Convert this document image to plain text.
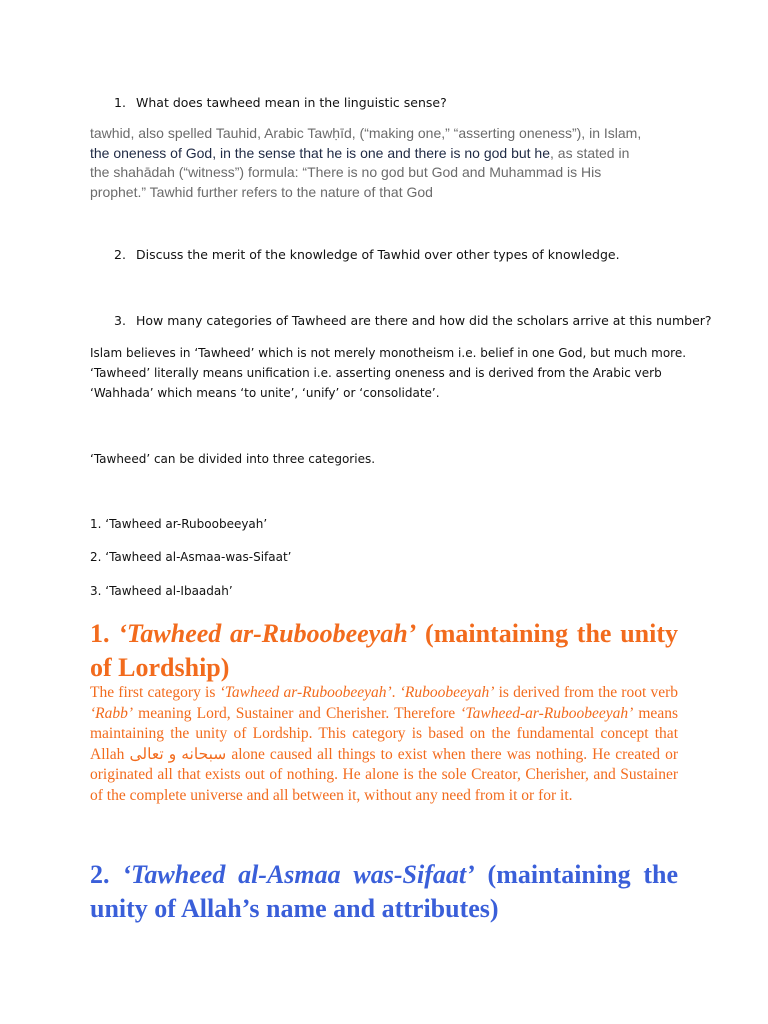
1. What does tawheed mean in the linguistic sense?
tawhid, also spelled Tauhid, Arabic Tawḥīd, (“making one,” “asserting oneness”), in Islam, the oneness of God, in the sense that he is one and there is no god but he, as stated in the shahādah (“witness”) formula: “There is no god but God and Muhammad is His prophet.” Tawhid further refers to the nature of that God
2. Discuss the merit of the knowledge of Tawhid over other types of knowledge.
3. How many categories of Tawheed are there and how did the scholars arrive at this number?
Islam believes in ‘Tawheed’ which is not merely monotheism i.e. belief in one God, but much more.
‘Tawheed’ literally means unification i.e. asserting oneness and is derived from the Arabic verb
‘Wahhada’ which means ‘to unite’, ‘unify’ or ‘consolidate’.
‘Tawheed’ can be divided into three categories.
1. ‘Tawheed ar-Ruboobeeyah’
2. ‘Tawheed al-Asmaa-was-Sifaat’
3. ‘Tawheed al-Ibaadah’
1. ‘Tawheed ar-Ruboobeeyah’ (maintaining the unity of Lordship)
The first category is ‘Tawheed ar-Ruboobeeyah’. ‘Ruboobeeyah’ is derived from the root verb ‘Rabb’ meaning Lord, Sustainer and Cherisher. Therefore ‘Tawheed-ar-Ruboobeeyah’ means maintaining the unity of Lordship. This category is based on the fundamental concept that Allah سبحانه و تعالى alone caused all things to exist when there was nothing. He created or originated all that exists out of nothing. He alone is the sole Creator, Cherisher, and Sustainer of the complete universe and all between it, without any need from it or for it.
2. ‘Tawheed al-Asmaa was-Sifaat’ (maintaining the unity of Allah’s name and attributes)
